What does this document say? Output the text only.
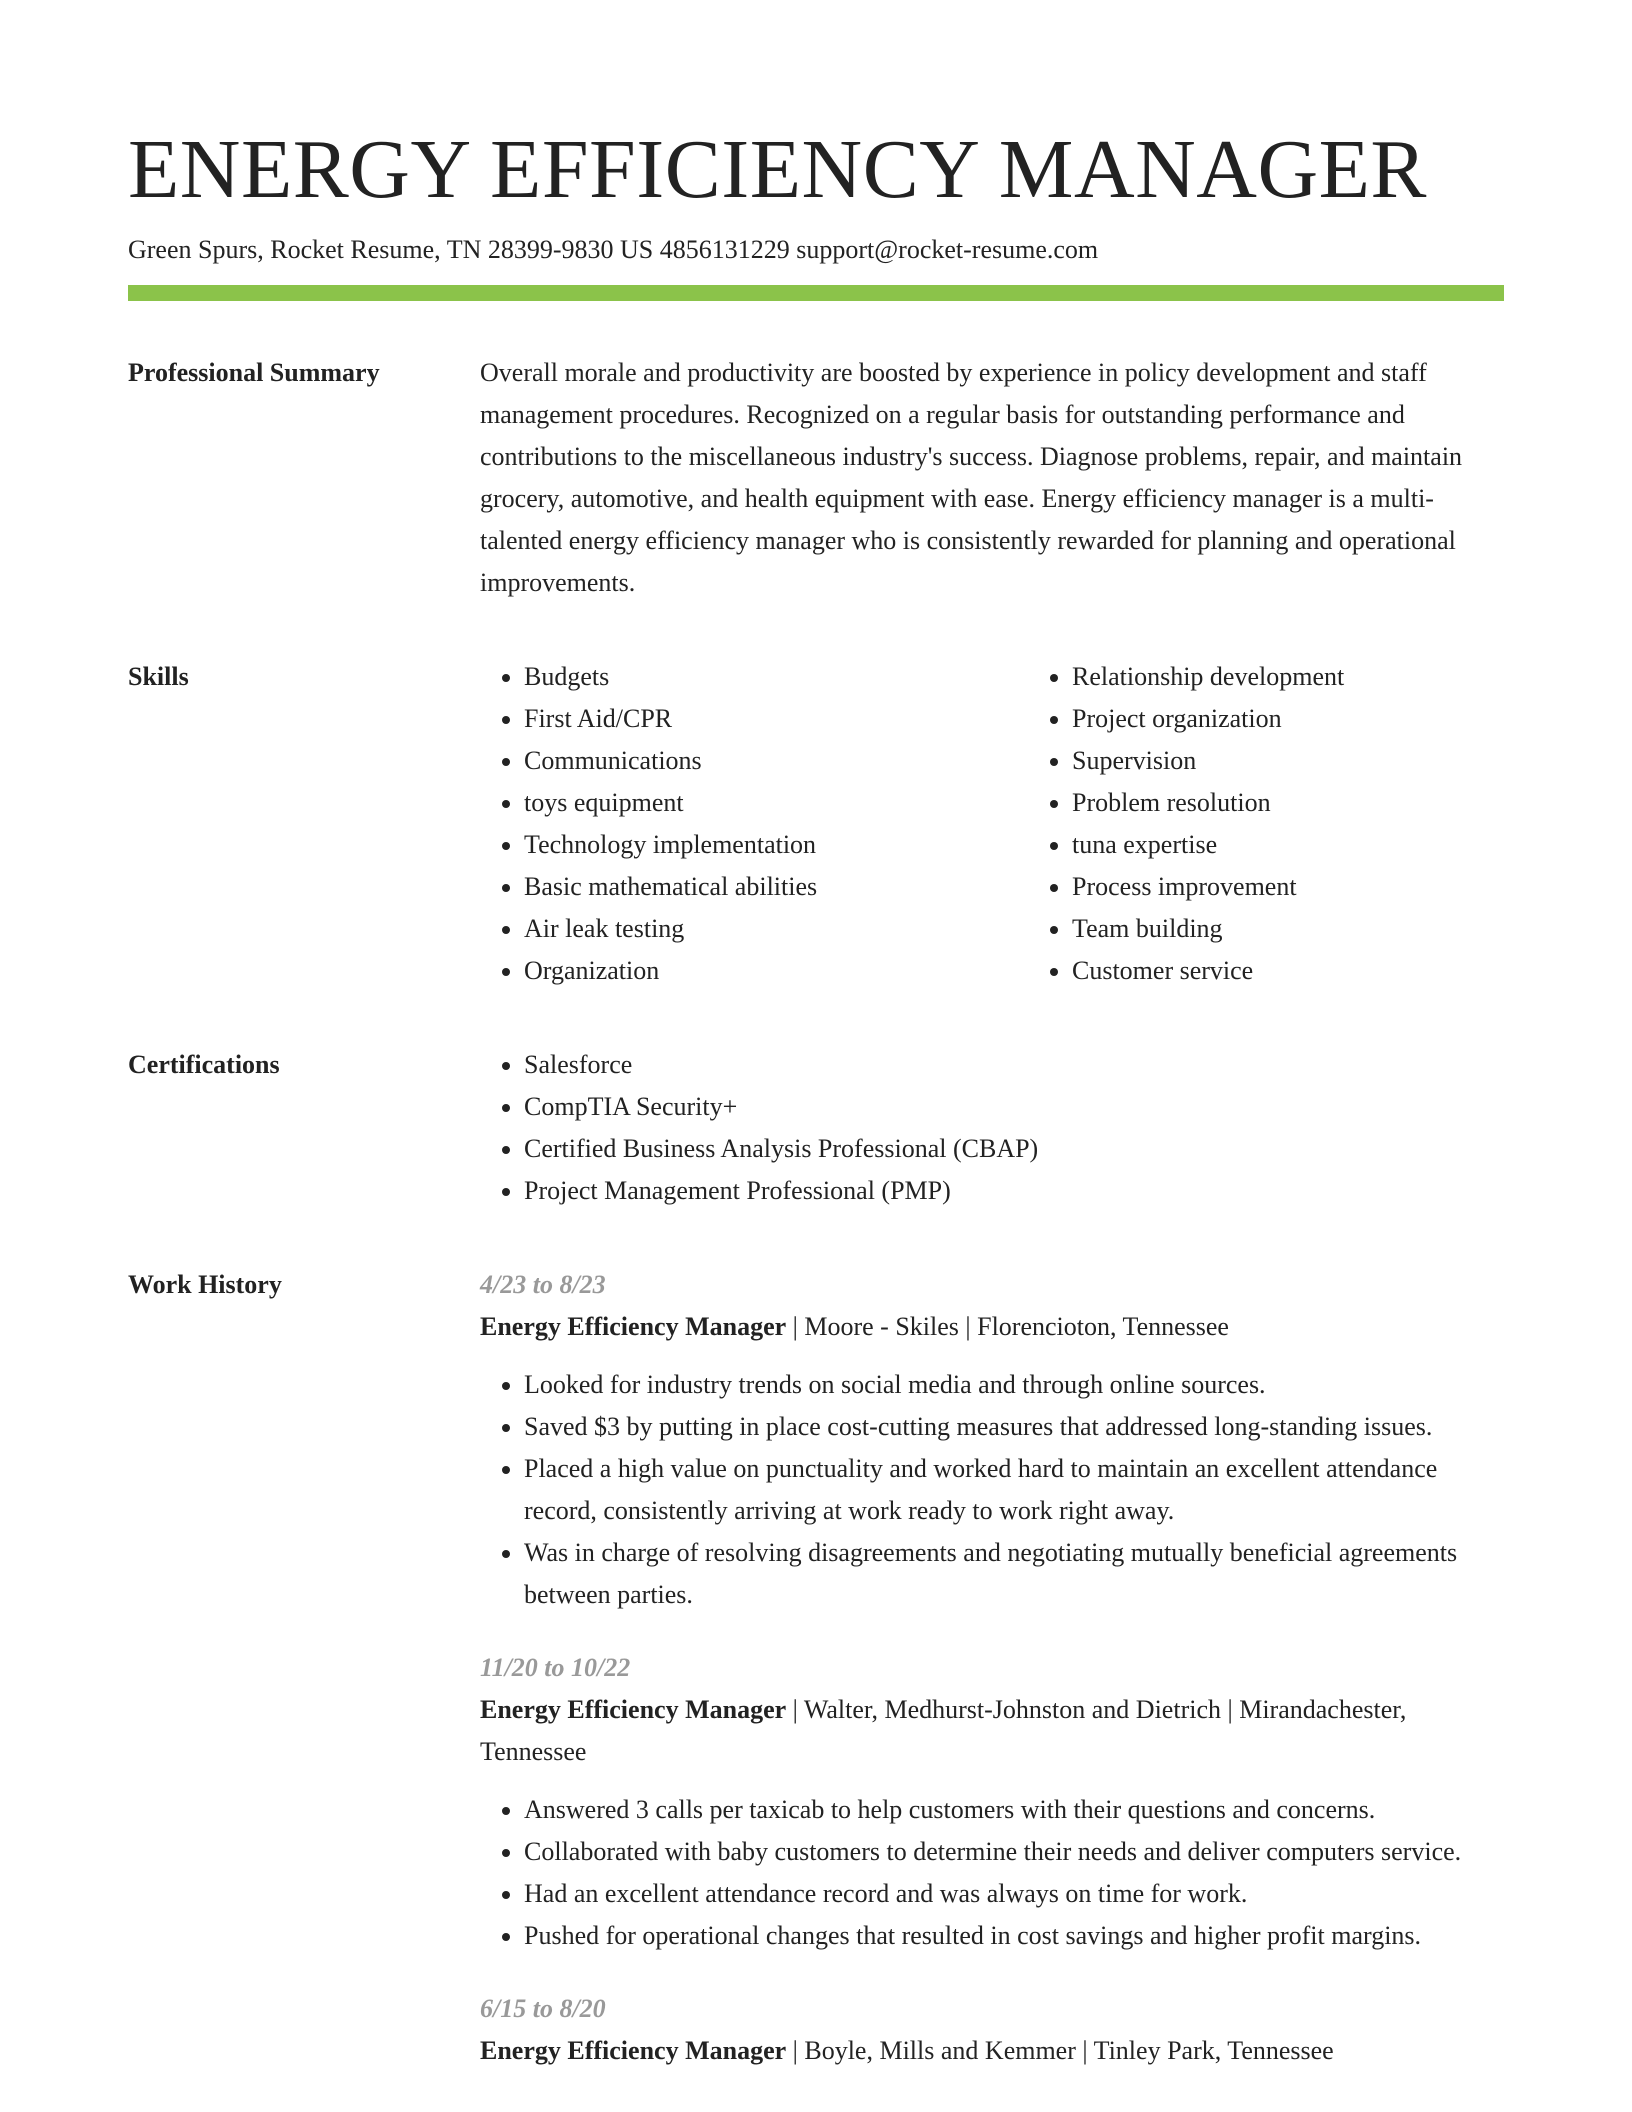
ENERGY EFFICIENCY MANAGER
Green Spurs, Rocket Resume, TN 28399-9830 US 4856131229 support@rocket-resume.com
Professional Summary	Overall morale and productivity are boosted by experience in policy development and staff management procedures. Recognized on a regular basis for outstanding performance and contributions to the miscellaneous industry's success. Diagnose problems, repair, and maintain grocery, automotive, and health equipment with ease. Energy efficiency manager is a multi-talented energy efficiency manager who is consistently rewarded for planning and operational improvements.

Skills	• Budgets
• First Aid/CPR
• Communications
• toys equipment
• Technology implementation
• Basic mathematical abilities
• Air leak testing
• Organization
• Relationship development
• Project organization
• Supervision
• Problem resolution
• tuna expertise
• Process improvement
• Team building
• Customer service
Certifications	• Salesforce
• CompTIA Security+
• Certified Business Analysis Professional (CBAP)
• Project Management Professional (PMP)
Work History	4/23 to 8/23
Energy Efficiency Manager | Moore - Skiles | Florencioton, Tennessee
• Looked for industry trends on social media and through online sources.
• Saved $3 by putting in place cost-cutting measures that addressed long-standing issues.
• Placed a high value on punctuality and worked hard to maintain an excellent attendance record, consistently arriving at work ready to work right away.
• Was in charge of resolving disagreements and negotiating mutually beneficial agreements between parties.
11/20 to 10/22
Energy Efficiency Manager | Walter, Medhurst-Johnston and Dietrich | Mirandachester, Tennessee
• Answered 3 calls per taxicab to help customers with their questions and concerns.
• Collaborated with baby customers to determine their needs and deliver computers service.
• Had an excellent attendance record and was always on time for work.
• Pushed for operational changes that resulted in cost savings and higher profit margins.
6/15 to 8/20
Energy Efficiency Manager | Boyle, Mills and Kemmer | Tinley Park, Tennessee
